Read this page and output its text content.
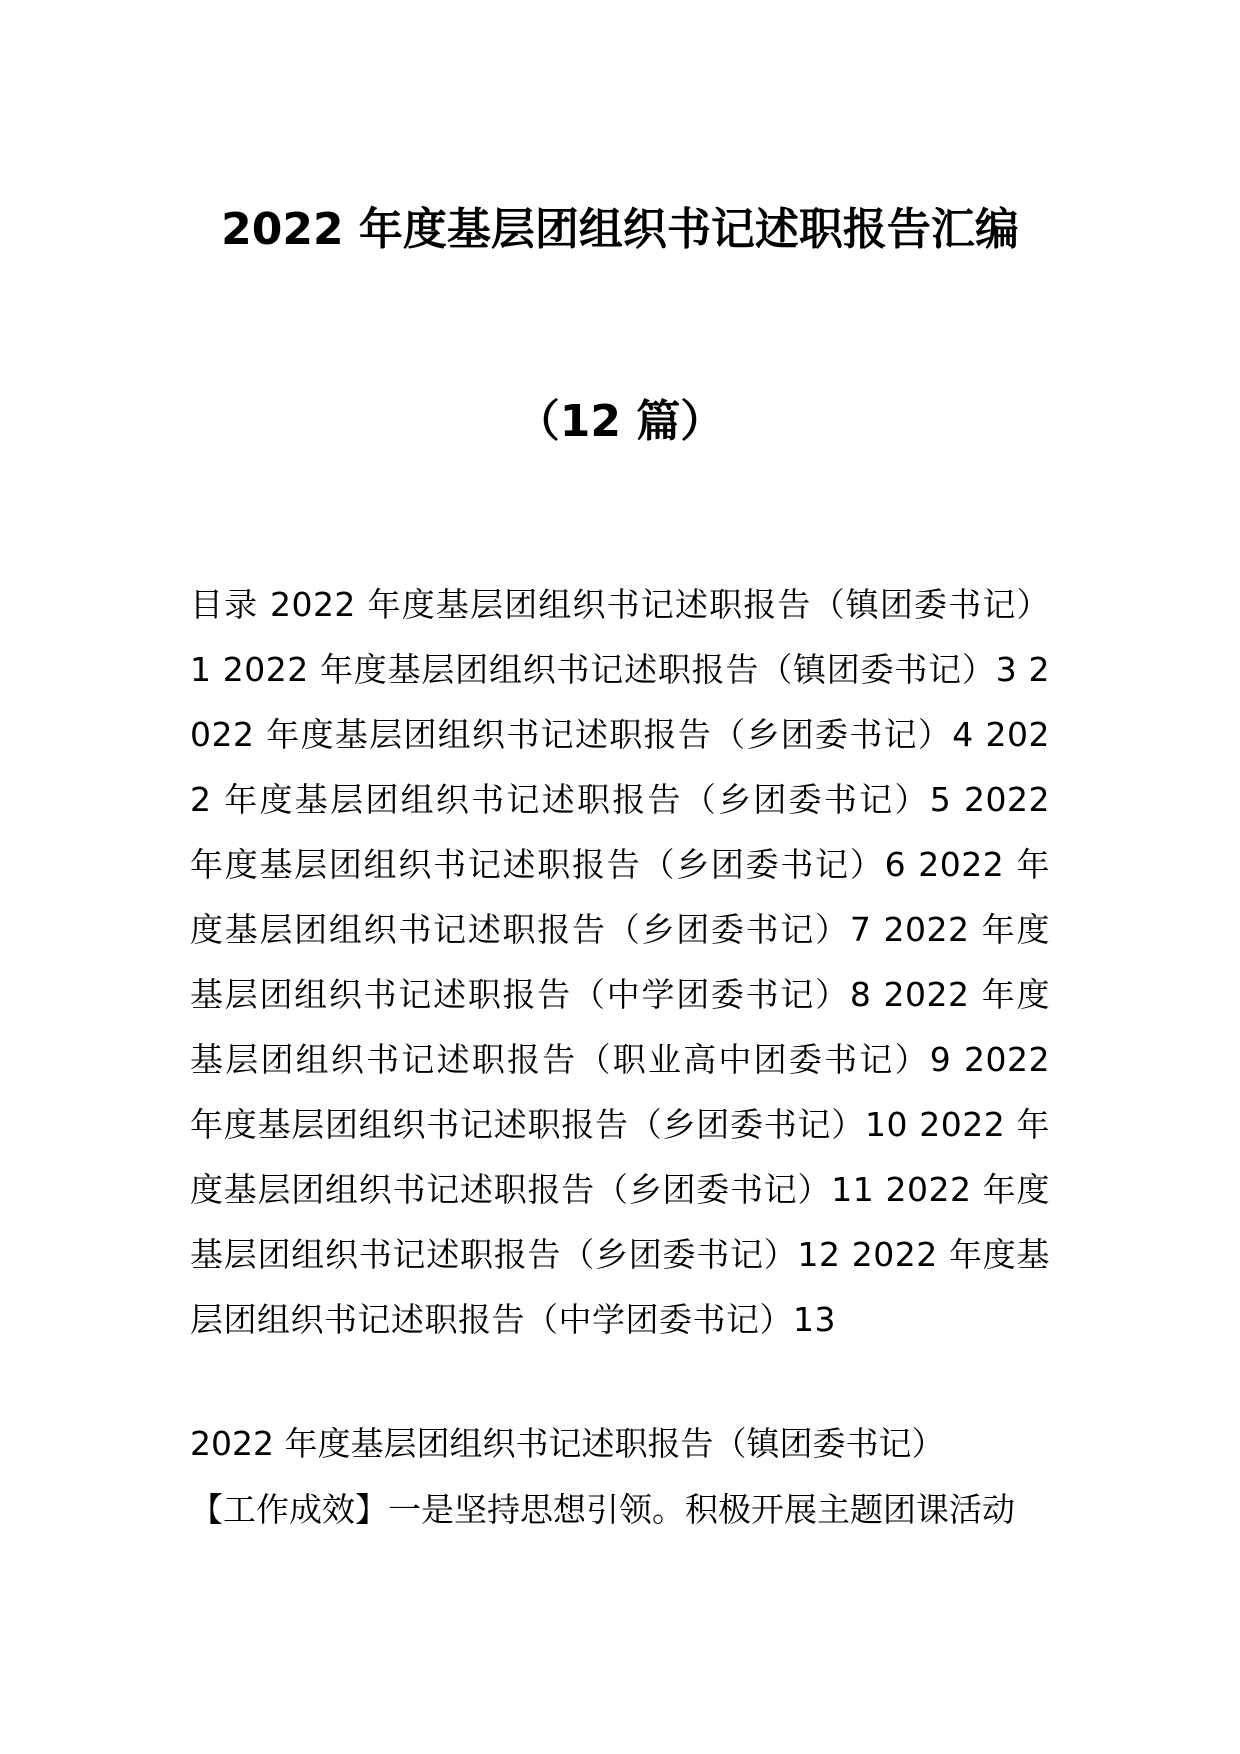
2022 年度基层团组织书记述职报告汇编
（12 篇）

目录 2022 年度基层团组织书记述职报告（镇团委书记）1 2022 年度基层团组织书记述职报告（镇团委书记）3 2022 年度基层团组织书记述职报告（乡团委书记）4 2022 年度基层团组织书记述职报告（乡团委书记）5 2022 年度基层团组织书记述职报告（乡团委书记）6 2022 年度基层团组织书记述职报告（乡团委书记）7 2022 年度基层团组织书记述职报告（中学团委书记）8 2022 年度基层团组织书记述职报告（职业高中团委书记）9 2022 年度基层团组织书记述职报告（乡团委书记）10 2022 年度基层团组织书记述职报告（乡团委书记）11 2022 年度基层团组织书记述职报告（乡团委书记）12 2022 年度基层团组织书记述职报告（中学团委书记）13

2022 年度基层团组织书记述职报告（镇团委书记）

【工作成效】一是坚持思想引领。积极开展主题团课活动
